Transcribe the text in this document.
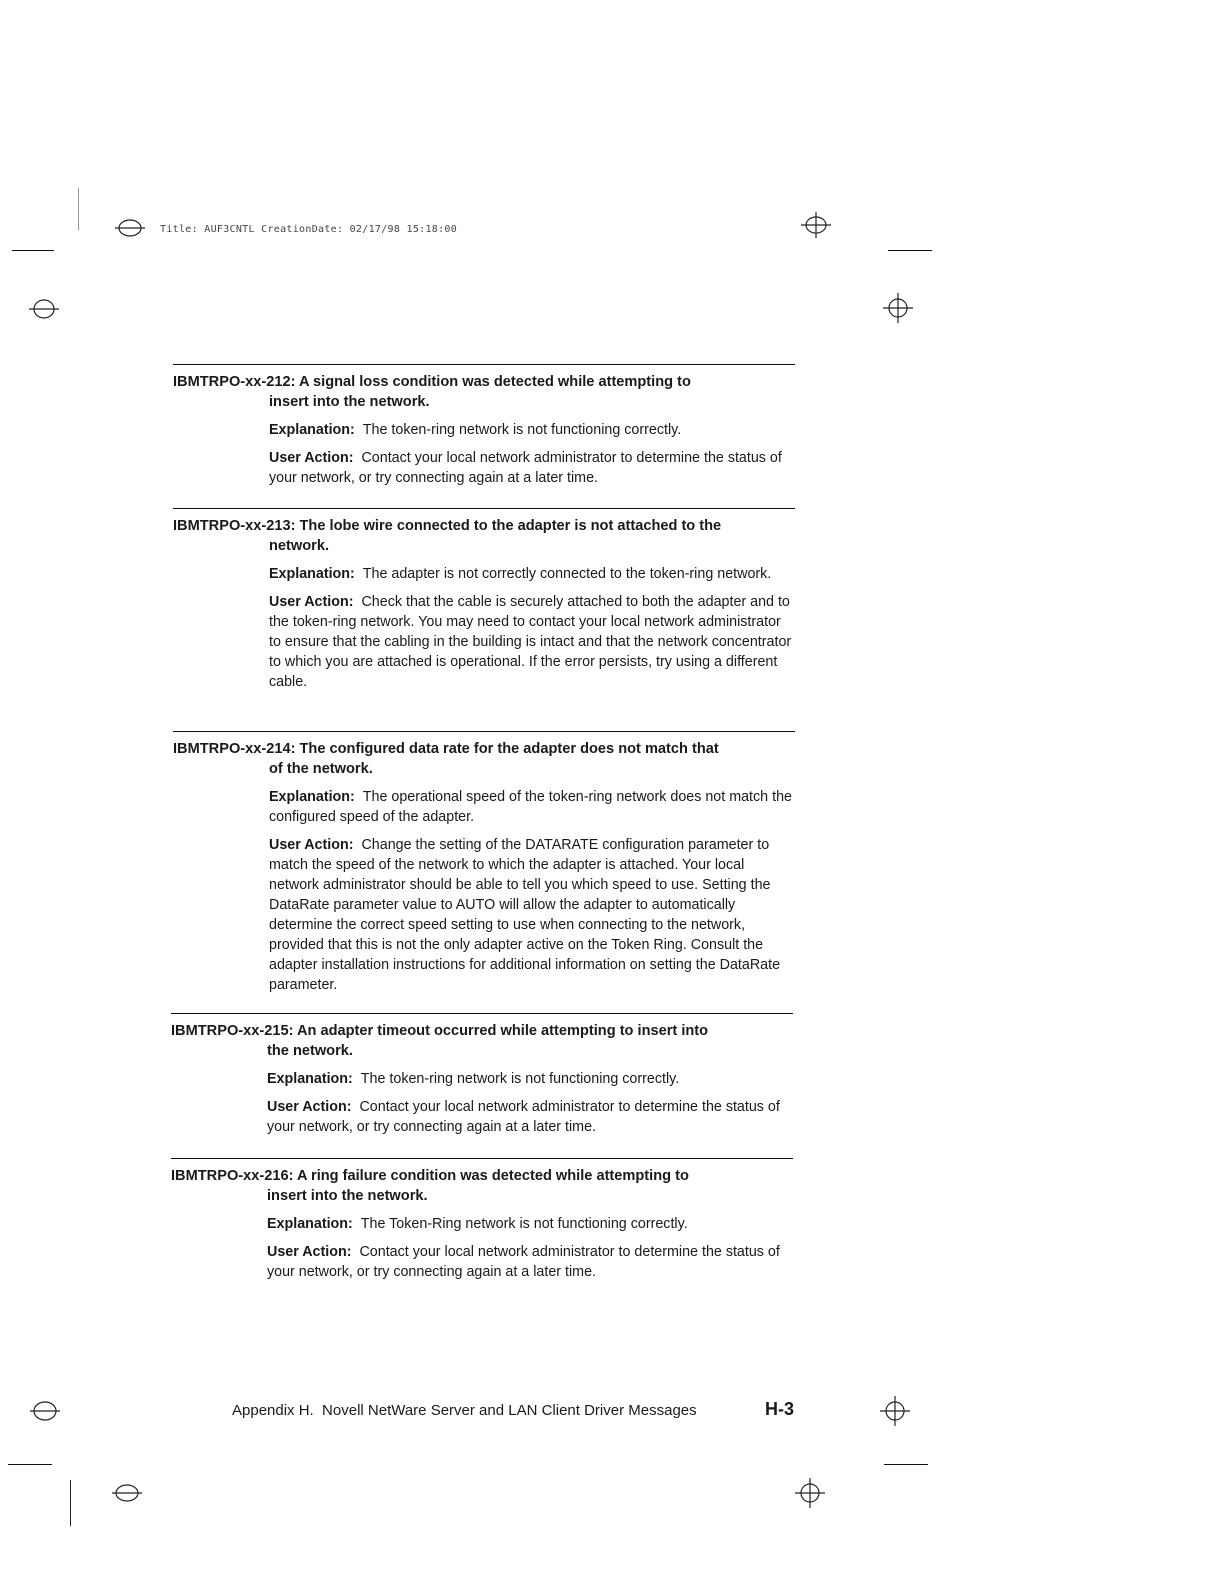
Title: AUF3CNTL CreationDate: 02/17/98 15:18:00
IBMTRPO-xx-212: A signal loss condition was detected while attempting to
insert into the network.

Explanation: The token-ring network is not functioning correctly.

User Action: Contact your local network administrator to determine the status of your network, or try connecting again at a later time.

IBMTRPO-xx-213: The lobe wire connected to the adapter is not attached to the
network.

Explanation: The adapter is not correctly connected to the token-ring network.

User Action: Check that the cable is securely attached to both the adapter and to the token-ring network. You may need to contact your local network administrator to ensure that the cabling in the building is intact and that the network concentrator to which you are attached is operational. If the error persists, try using a different cable.

IBMTRPO-xx-214: The configured data rate for the adapter does not match that
of the network.

Explanation: The operational speed of the token-ring network does not match the configured speed of the adapter.

User Action: Change the setting of the DATARATE configuration parameter to match the speed of the network to which the adapter is attached. Your local network administrator should be able to tell you which speed to use. Setting the DataRate parameter value to AUTO will allow the adapter to automatically determine the correct speed setting to use when connecting to the network, provided that this is not the only adapter active on the Token Ring. Consult the adapter installation instructions for additional information on setting the DataRate parameter.

IBMTRPO-xx-215: An adapter timeout occurred while attempting to insert into
the network.

Explanation: The token-ring network is not functioning correctly.

User Action: Contact your local network administrator to determine the status of your network, or try connecting again at a later time.

IBMTRPO-xx-216: A ring failure condition was detected while attempting to
insert into the network.

Explanation: The Token-Ring network is not functioning correctly.

User Action: Contact your local network administrator to determine the status of your network, or try connecting again at a later time.

Appendix H.  Novell NetWare Server and LAN Client Driver Messages	H-3
